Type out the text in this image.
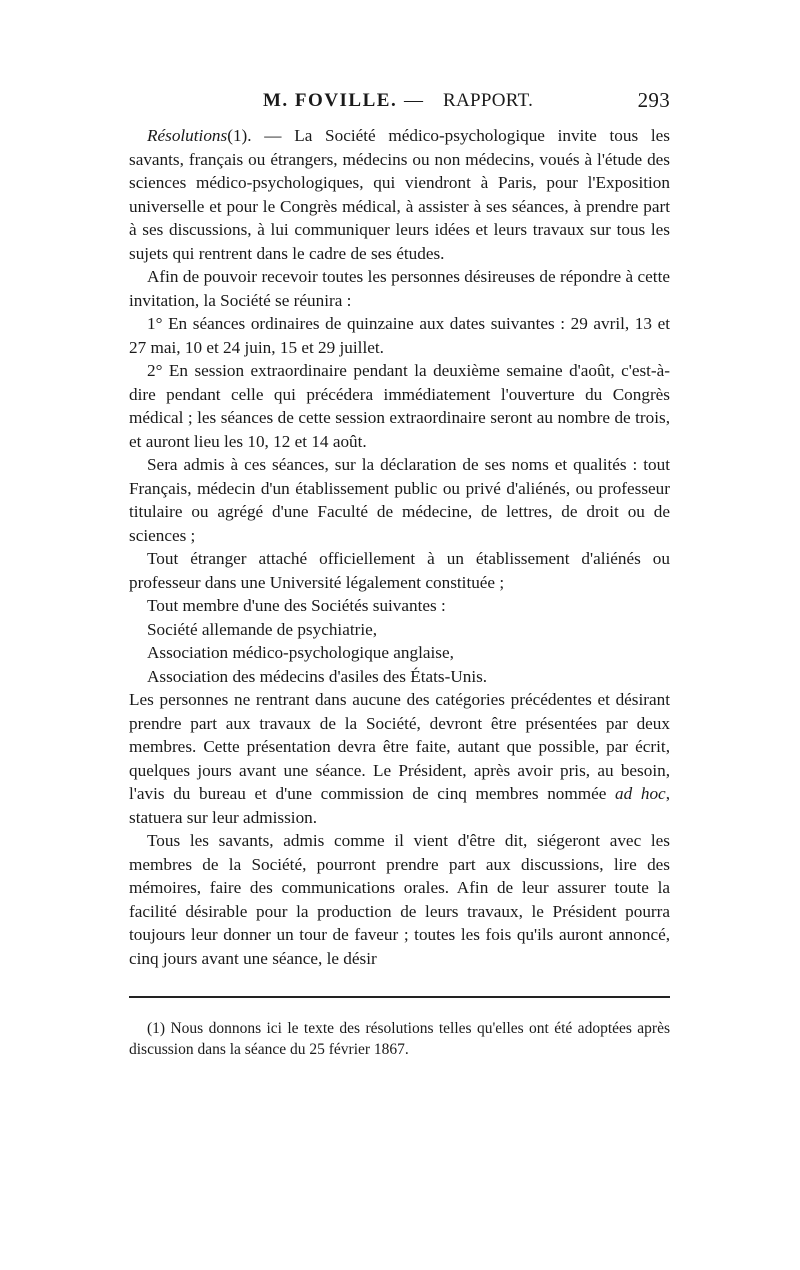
M. FOVILLE. — RAPPORT.	293

Résolutions(1). — La Société médico-psychologique invite tous les savants, français ou étrangers, médecins ou non médecins, voués à l'étude des sciences médico-psychologiques, qui viendront à Paris, pour l'Exposition universelle et pour le Congrès médical, à assister à ses séances, à prendre part à ses discussions, à lui communiquer leurs idées et leurs travaux sur tous les sujets qui rentrent dans le cadre de ses études.

Afin de pouvoir recevoir toutes les personnes désireuses de répondre à cette invitation, la Société se réunira :

1° En séances ordinaires de quinzaine aux dates suivantes : 29 avril, 13 et 27 mai, 10 et 24 juin, 15 et 29 juillet.

2° En session extraordinaire pendant la deuxième semaine d'août, c'est-à-dire pendant celle qui précédera immédiatement l'ouverture du Congrès médical ; les séances de cette session extraordinaire seront au nombre de trois, et auront lieu les 10, 12 et 14 août.

Sera admis à ces séances, sur la déclaration de ses noms et qualités : tout Français, médecin d'un établissement public ou privé d'aliénés, ou professeur titulaire ou agrégé d'une Faculté de médecine, de lettres, de droit ou de sciences ;

Tout étranger attaché officiellement à un établissement d'aliénés ou professeur dans une Université légalement constituée ;

Tout membre d'une des Sociétés suivantes :

Société allemande de psychiatrie,

Association médico-psychologique anglaise,

Association des médecins d'asiles des États-Unis.

Les personnes ne rentrant dans aucune des catégories précédentes et désirant prendre part aux travaux de la Société, devront être présentées par deux membres. Cette présentation devra être faite, autant que possible, par écrit, quelques jours avant une séance. Le Président, après avoir pris, au besoin, l'avis du bureau et d'une commission de cinq membres nommée ad hoc, statuera sur leur admission.

Tous les savants, admis comme il vient d'être dit, siégeront avec les membres de la Société, pourront prendre part aux discussions, lire des mémoires, faire des communications orales. Afin de leur assurer toute la facilité désirable pour la production de leurs travaux, le Président pourra toujours leur donner un tour de faveur ; toutes les fois qu'ils auront annoncé, cinq jours avant une séance, le désir

(1) Nous donnons ici le texte des résolutions telles qu'elles ont été adoptées après discussion dans la séance du 25 février 1867.
